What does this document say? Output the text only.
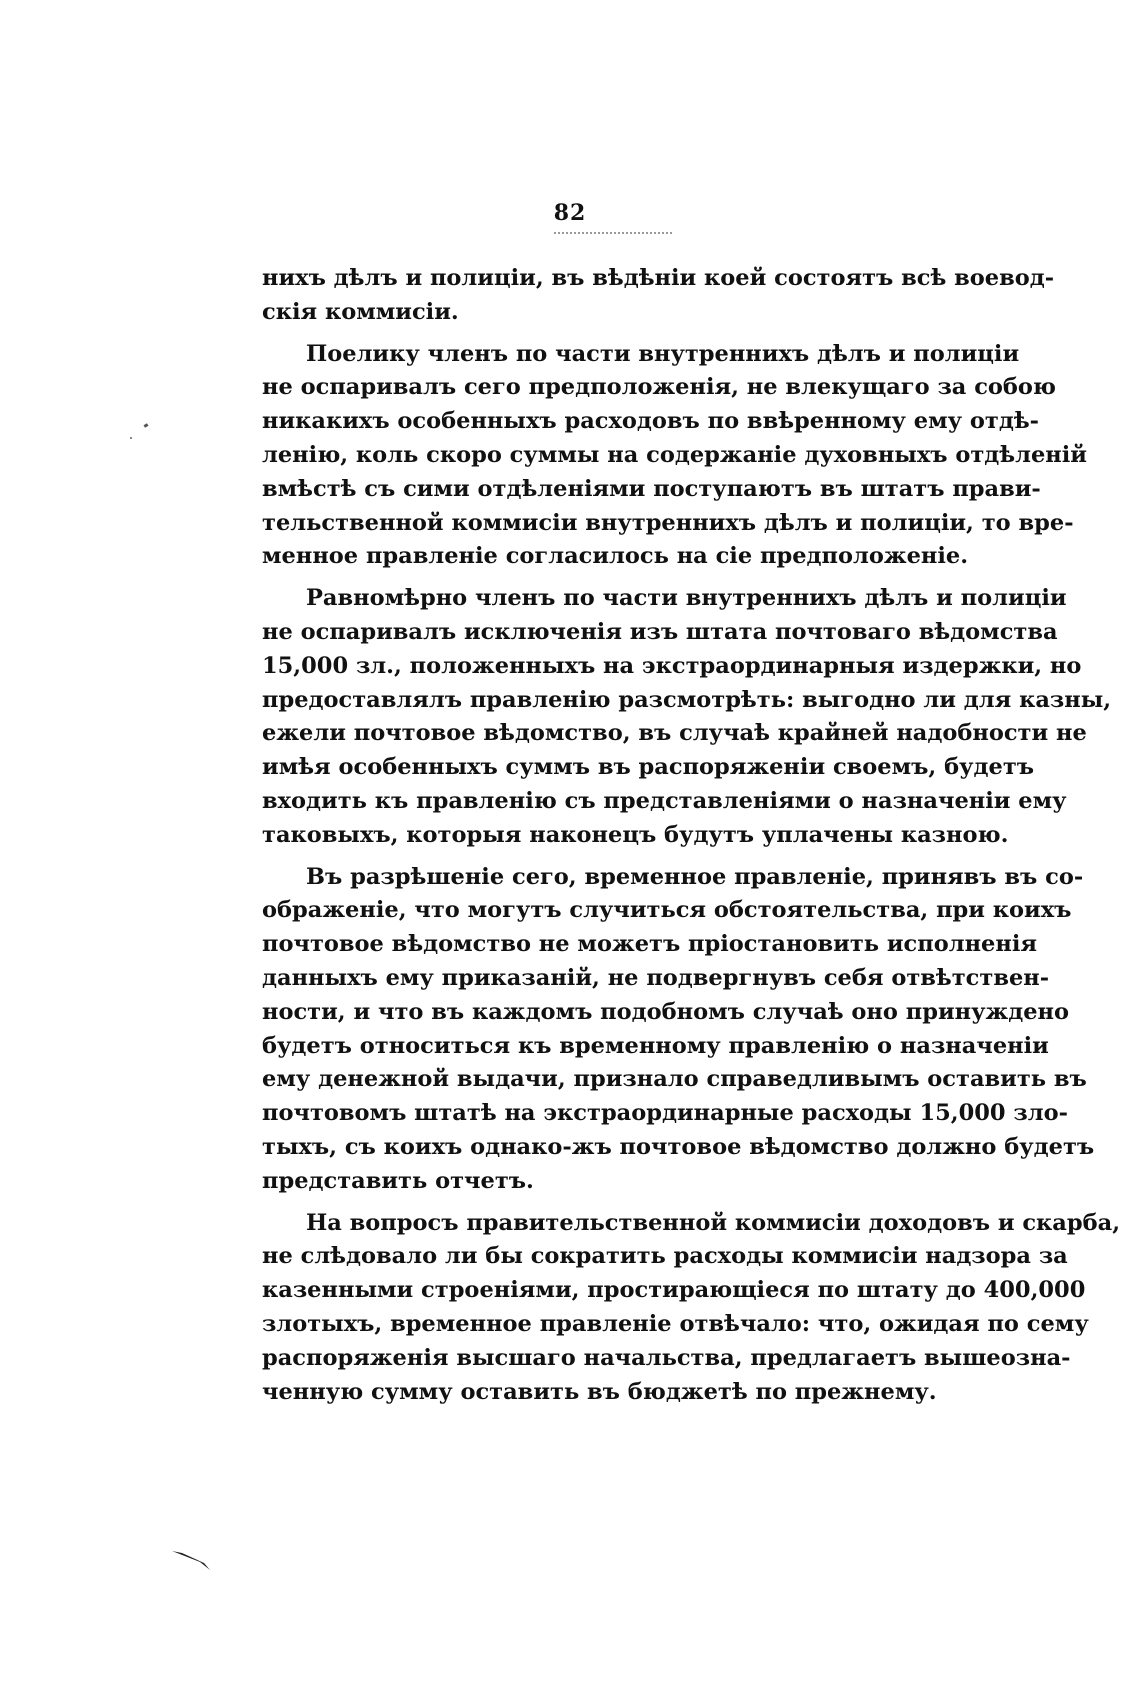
82
нихъ дѣлъ и полиціи, въ вѣдѣніи коей состоятъ всѣ воевод-
скія коммисіи.
Поелику членъ по части внутреннихъ дѣлъ и полиціи
не оспаривалъ сего предположенія, не влекущаго за собою
никакихъ особенныхъ расходовъ по ввѣренному ему отдѣ-
ленію, коль скоро суммы на содержаніе духовныхъ отдѣленій
вмѣстѣ съ сими отдѣленіями поступаютъ въ штатъ прави-
тельственной коммисіи внутреннихъ дѣлъ и полиціи, то вре-
менное правленіе согласилось на сіе предположеніе.
Равномѣрно членъ по части внутреннихъ дѣлъ и полиціи
не оспаривалъ исключенія изъ штата почтоваго вѣдомства
15,000 зл., положенныхъ на экстраординарныя издержки, но
предоставлялъ правленію разсмотрѣть: выгодно ли для казны,
ежели почтовое вѣдомство, въ случаѣ крайней надобности не
имѣя особенныхъ суммъ въ распоряженіи своемъ, будетъ
входить къ правленію съ представленіями о назначеніи ему
таковыхъ, которыя наконецъ будутъ уплачены казною.
Въ разрѣшеніе сего, временное правленіе, принявъ въ со-
ображеніе, что могутъ случиться обстоятельства, при коихъ
почтовое вѣдомство не можетъ пріостановить исполненія
данныхъ ему приказаній, не подвергнувъ себя отвѣтствен-
ности, и что въ каждомъ подобномъ случаѣ оно принуждено
будетъ относиться къ временному правленію о назначеніи
ему денежной выдачи, признало справедливымъ оставить въ
почтовомъ штатѣ на экстраординарные расходы 15,000 зло-
тыхъ, съ коихъ однако-жъ почтовое вѣдомство должно будетъ
представить отчетъ.
На вопросъ правительственной коммисіи доходовъ и скарба,
не слѣдовало ли бы сократить расходы коммисіи надзора за
казенными строеніями, простирающіеся по штату до 400,000
злотыхъ, временное правленіе отвѣчало: что, ожидая по сему
распоряженія высшаго начальства, предлагаетъ вышеозна-
ченную сумму оставить въ бюджетѣ по прежнему.
